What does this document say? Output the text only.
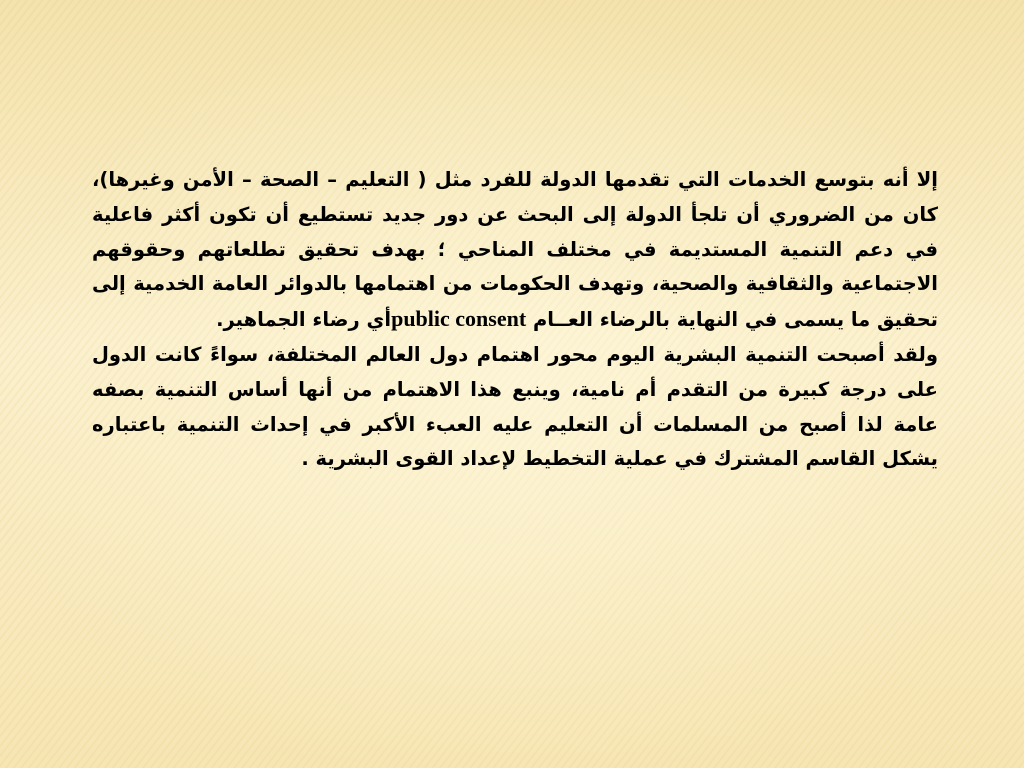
إلا أنه بتوسع الخدمات التي تقدمها الدولة للفرد مثل ( التعليم – الصحة – الأمن وغيرها)، كان من الضروري أن تلجأ الدولة إلى البحث عن دور جديد تستطيع أن تكون أكثر فاعلية في دعم التنمية المستديمة في مختلف المناحي ؛ بهدف تحقيق تطلعاتهم وحقوقهم الاجتماعية والثقافية والصحية، وتهدف الحكومات من اهتمامها بالدوائر العامة الخدمية إلى تحقيق ما يسمى في النهاية بالرضاء العــام public consentأي رضاء الجماهير.

ولقد أصبحت التنمية البشرية اليوم محور اهتمام دول العالم المختلفة، سواءً كانت الدول على درجة كبيرة من التقدم أم نامية، وينبع هذا الاهتمام من أنها أساس التنمية بصفه عامة لذا أصبح من المسلمات أن التعليم عليه العبء الأكبر في إحداث التنمية باعتباره يشكل القاسم المشترك في عملية التخطيط لإعداد القوى البشرية .
